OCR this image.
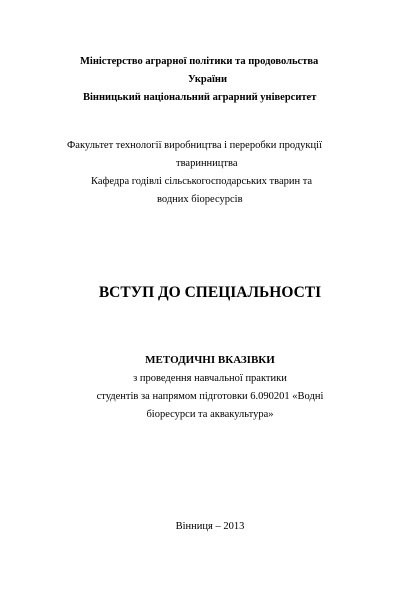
Міністерство аграрної політики та продовольства
України
Вінницький національний аграрний університет
Факультет технології виробництва і переробки продукції
тваринництва
Кафедра годівлі сільськогосподарських тварин та
водних біоресурсів
ВСТУП ДО СПЕЦІАЛЬНОСТІ
МЕТОДИЧНІ ВКАЗІВКИ
з проведення навчальної практики
студентів за напрямом підготовки 6.090201 «Водні
біоресурси та аквакультура»
Вінниця – 2013
